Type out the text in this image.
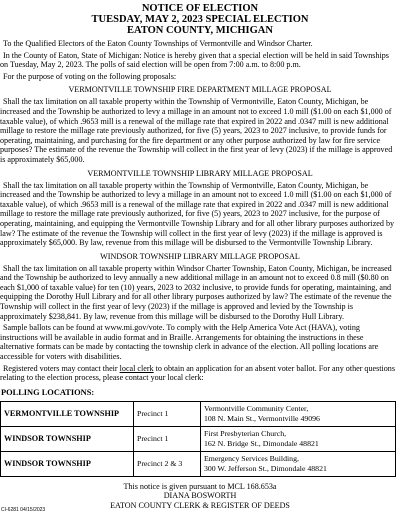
NOTICE OF ELECTION
TUESDAY, MAY 2, 2023 SPECIAL ELECTION
EATON COUNTY, MICHIGAN

To the Qualified Electors of the Eaton County Townships of Vermontville and Windsor Charter.

In the County of Eaton, State of Michigan: Notice is hereby given that a special election will be held in said Townships on Tuesday, May 2, 2023. The polls of said election will be open from 7:00 a.m. to 8:00 p.m.

For the purpose of voting on the following proposals:

VERMONTVILLE TOWNSHIP FIRE DEPARTMENT MILLAGE PROPOSAL

Shall the tax limitation on all taxable property within the Township of Vermontville, Eaton County, Michigan, be increased and the Township be authorized to levy a millage in an amount not to exceed 1.0 mill ($1.00 on each $1,000 of taxable value), of which .9653 mill is a renewal of the millage rate that expired in 2022 and .0347 mill is new additional millage to restore the millage rate previously authorized, for five (5) years, 2023 to 2027 inclusive, to provide funds for operating, maintaining, and purchasing for the fire department or any other purpose authorized by law for fire service purposes? The estimate of the revenue the Township will collect in the first year of levy (2023) if the millage is approved is approximately $65,000.

VERMONTVILLE TOWNSHIP LIBRARY MILLAGE PROPOSAL

Shall the tax limitation on all taxable property within the Township of Vermontville, Eaton County, Michigan, be increased and the Township be authorized to levy a millage in an amount not to exceed 1.0 mill ($1.00 on each $1,000 of taxable value), of which .9653 mill is a renewal of the millage rate that expired in 2022 and .0347 mill is new additional millage to restore the millage rate previously authorized, for five (5) years, 2023 to 2027 inclusive, for the purpose of operating, maintaining, and equipping the Vermontville Township Library and for all other library purposes authorized by law? The estimate of the revenue the Township will collect in the first year of levy (2023) if the millage is approved is approximately $65,000. By law, revenue from this millage will be disbursed to the Vermontville Township Library.

WINDSOR TOWNSHIP LIBRARY MILLAGE PROPOSAL

Shall the tax limitation on all taxable property within Windsor Charter Township, Eaton County, Michigan, be increased and the Township be authorized to levy annually a new additional millage in an amount not to exceed 0.8 mill ($0.80 on each $1,000 of taxable value) for ten (10) years, 2023 to 2032 inclusive, to provide funds for operating, maintaining, and equipping the Dorothy Hull Library and for all other library purposes authorized by law? The estimate of the revenue the Township will collect in the first year of levy (2023) if the millage is approved and levied by the Township is approximately $238,841. By law, revenue from this millage will be disbursed to the Dorothy Hull Library.

Sample ballots can be found at www.mi.gov/vote. To comply with the Help America Vote Act (HAVA), voting instructions will be available in audio format and in Braille. Arrangements for obtaining the instructions in these alternative formats can be made by contacting the township clerk in advance of the election. All polling locations are accessible for voters with disabilities.

Registered voters may contact their local clerk to obtain an application for an absent voter ballot. For any other questions relating to the election process, please contact your local clerk:

POLLING LOCATIONS:
VERMONTVILLE TOWNSHIP	Precinct 1	Vermontville Community Center,
108 N. Main St., Vermontville 49096

WINDSOR TOWNSHIP	Precinct 1	First Presbyterian Church,
162 N. Bridge St., Dimondale 48821

WINDSOR TOWNSHIP	Precinct 2 & 3	Emergency Services Building,
300 W. Jefferson St., Dimondale 48821
This notice is given pursuant to MCL 168.653a
DIANA BOSWORTH
EATON COUNTY CLERK & REGISTER OF DEEDS
CI-6281 04/15/2023
